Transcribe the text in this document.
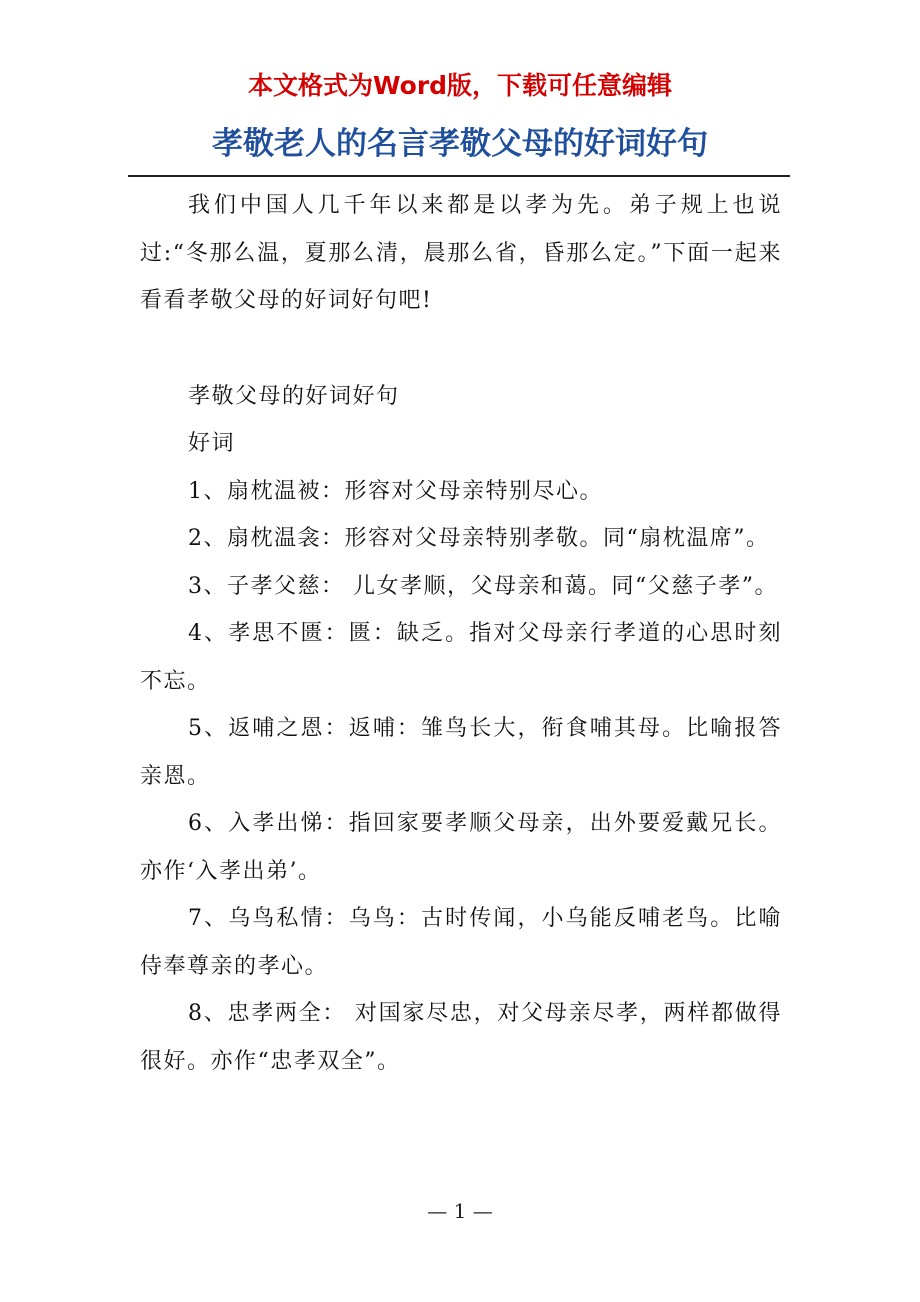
本文格式为Word版，下载可任意编辑
孝敬老人的名言孝敬父母的好词好句

我们中国人几千年以来都是以孝为先。弟子规上也说过:“冬那么温，夏那么清，晨那么省，昏那么定。”下面一起来看看孝敬父母的好词好句吧!

孝敬父母的好词好句

好词

1、扇枕温被：形容对父母亲特别尽心。

2、扇枕温衾：形容对父母亲特别孝敬。同“扇枕温席”。

3、子孝父慈： 儿女孝顺，父母亲和蔼。同“父慈子孝”。

4、孝思不匮：匮：缺乏。指对父母亲行孝道的心思时刻不忘。

5、返哺之恩：返哺：雏鸟长大，衔食哺其母。比喻报答亲恩。

6、入孝出悌：指回家要孝顺父母亲，出外要爱戴兄长。亦作‘入孝出弟’。

7、乌鸟私情：乌鸟：古时传闻，小乌能反哺老鸟。比喻侍奉尊亲的孝心。

8、忠孝两全： 对国家尽忠，对父母亲尽孝，两样都做得很好。亦作“忠孝双全”。

— 1 —
